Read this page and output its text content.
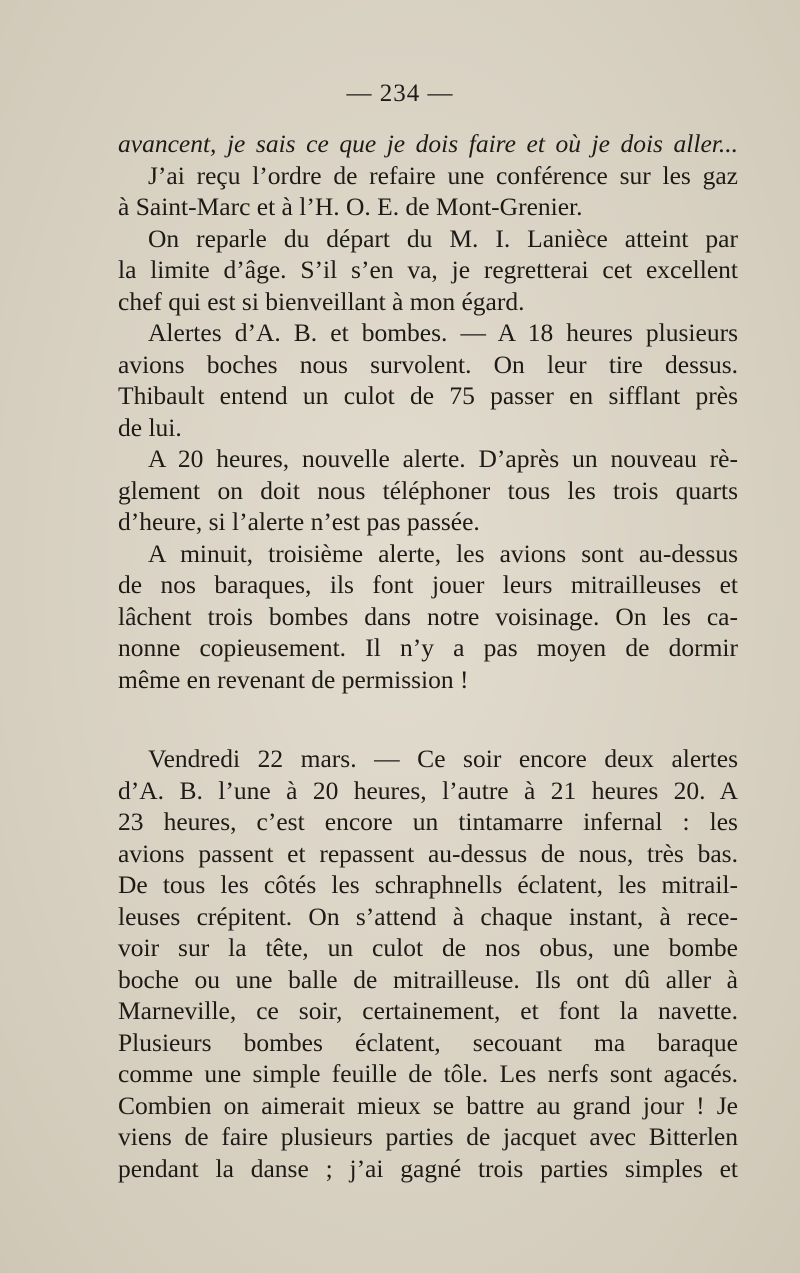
— 234 —
avancent, je sais ce que je dois faire et où je dois aller...
J’ai reçu l’ordre de refaire une conférence sur les gaz
à Saint-Marc et à l’H. O. E. de Mont-Grenier.
On reparle du départ du M. I. Lanièce atteint par
la limite d’âge. S’il s’en va, je regretterai cet excellent
chef qui est si bienveillant à mon égard.
Alertes d’A. B. et bombes. — A 18 heures plusieurs
avions boches nous survolent. On leur tire dessus.
Thibault entend un culot de 75 passer en sifflant près
de lui.
A 20 heures, nouvelle alerte. D’après un nouveau rè-
glement on doit nous téléphoner tous les trois quarts
d’heure, si l’alerte n’est pas passée.
A minuit, troisième alerte, les avions sont au-dessus
de nos baraques, ils font jouer leurs mitrailleuses et
lâchent trois bombes dans notre voisinage. On les ca-
nonne copieusement. Il n’y a pas moyen de dormir
même en revenant de permission !
Vendredi 22 mars. — Ce soir encore deux alertes
d’A. B. l’une à 20 heures, l’autre à 21 heures 20. A
23 heures, c’est encore un tintamarre infernal : les
avions passent et repassent au-dessus de nous, très bas.
De tous les côtés les schraphnells éclatent, les mitrail-
leuses crépitent. On s’attend à chaque instant, à rece-
voir sur la tête, un culot de nos obus, une bombe
boche ou une balle de mitrailleuse. Ils ont dû aller à
Marneville, ce soir, certainement, et font la navette.
Plusieurs bombes éclatent, secouant ma baraque
comme une simple feuille de tôle. Les nerfs sont agacés.
Combien on aimerait mieux se battre au grand jour ! Je
viens de faire plusieurs parties de jacquet avec Bitterlen
pendant la danse ; j’ai gagné trois parties simples et
